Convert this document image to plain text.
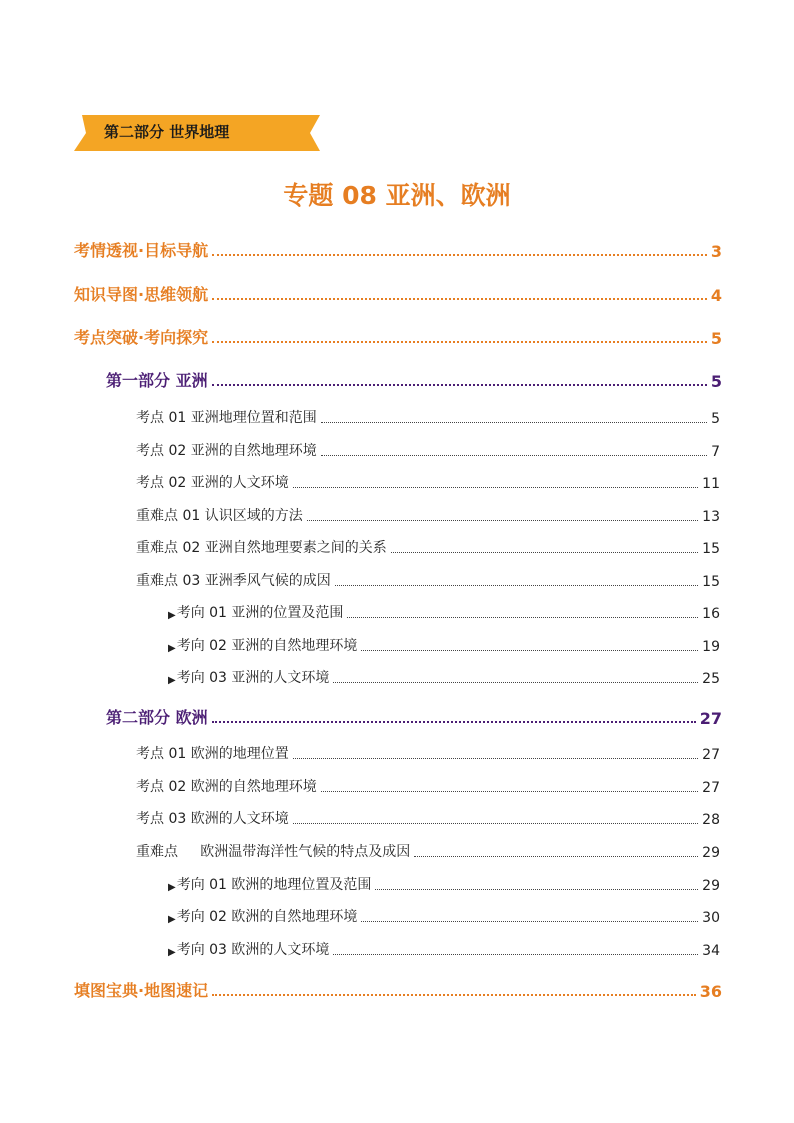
第二部分 世界地理
专题 08 亚洲、欧洲
考情透视·目标导航	3
知识导图·思维领航	4
考点突破·考向探究	5
第一部分 亚洲	5
考点 01 亚洲地理位置和范围	5
考点 02 亚洲的自然地理环境	7
考点 02 亚洲的人文环境	11
重难点 01 认识区域的方法	13
重难点 02 亚洲自然地理要素之间的关系	15
重难点 03 亚洲季风气候的成因	15
▶ 考向 01 亚洲的位置及范围	16
▶ 考向 02 亚洲的自然地理环境	19
▶ 考向 03 亚洲的人文环境	25
第二部分 欧洲	27
考点 01 欧洲的地理位置	27
考点 02 欧洲的自然地理环境	27
考点 03 欧洲的人文环境	28
重难点     欧洲温带海洋性气候的特点及成因	29
▶ 考向 01 欧洲的地理位置及范围	29
▶ 考向 02 欧洲的自然地理环境	30
▶ 考向 03 欧洲的人文环境	34
填图宝典·地图速记	36
